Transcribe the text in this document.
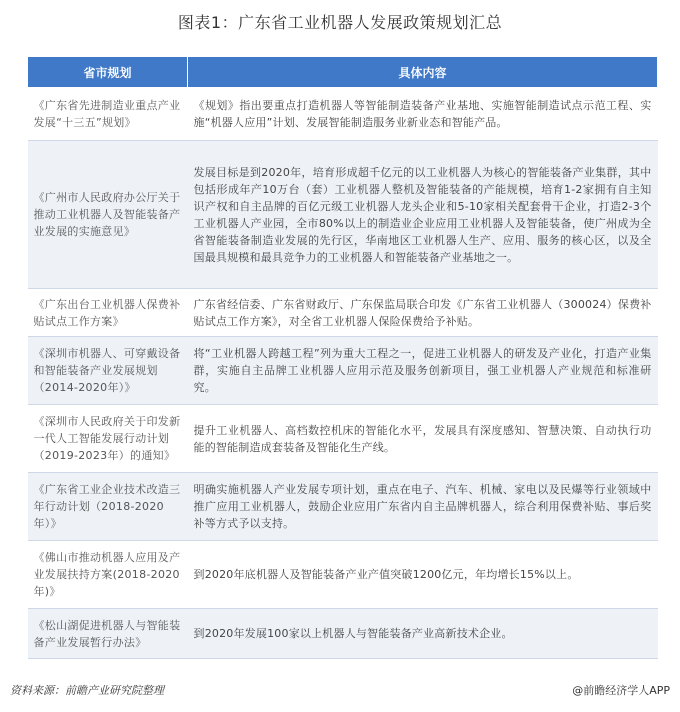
图表1：广东省工业机器人发展政策规划汇总
省市规划	具体内容
《广东省先进制造业重点产业发展“十三五”规划》	《规划》指出要重点打造机器人等智能制造装备产业基地、实施智能制造试点示范工程、实施“机器人应用”计划、发展智能制造服务业新业态和智能产品。
《广州市人民政府办公厅关于推动工业机器人及智能装备产业发展的实施意见》	发展目标是到2020年，培育形成超千亿元的以工业机器人为核心的智能装备产业集群，其中包括形成年产10万台（套）工业机器人整机及智能装备的产能规模，培育1-2家拥有自主知识产权和自主品牌的百亿元级工业机器人龙头企业和5-10家相关配套骨干企业，打造2-3个工业机器人产业园，全市80%以上的制造业企业应用工业机器人及智能装备，使广州成为全省智能装备制造业发展的先行区，华南地区工业机器人生产、应用、服务的核心区，以及全国最具规模和最具竞争力的工业机器人和智能装备产业基地之一。
《广东出台工业机器人保费补贴试点工作方案》	广东省经信委、广东省财政厅、广东保监局联合印发《广东省工业机器人（300024）保费补贴试点工作方案》，对全省工业机器人保险保费给予补贴。
《深圳市机器人、可穿戴设备和智能装备产业发展规划（2014-2020年）》	将“工业机器人跨越工程”列为重大工程之一，促进工业机器人的研发及产业化，打造产业集群，实施自主品牌工业机器人应用示范及服务创新项目，强工业机器人产业规范和标准研究。
《深圳市人民政府关于印发新一代人工智能发展行动计划（2019-2023年）的通知》	提升工业机器人、高档数控机床的智能化水平，发展具有深度感知、智慧决策、自动执行功能的智能制造成套装备及智能化生产线。
《广东省工业企业技术改造三年行动计划（2018-2020年）》	明确实施机器人产业发展专项计划，重点在电子、汽车、机械、家电以及民爆等行业领域中推广应用工业机器人，鼓励企业应用广东省内自主品牌机器人，综合利用保费补贴、事后奖补等方式予以支持。
《佛山市推动机器人应用及产业发展扶持方案(2018-2020年)》	到2020年底机器人及智能装备产业产值突破1200亿元，年均增长15%以上。
《松山湖促进机器人与智能装备产业发展暂行办法》	到2020年发展100家以上机器人与智能装备产业高新技术企业。
资料来源：前瞻产业研究院整理	@前瞻经济学人APP
